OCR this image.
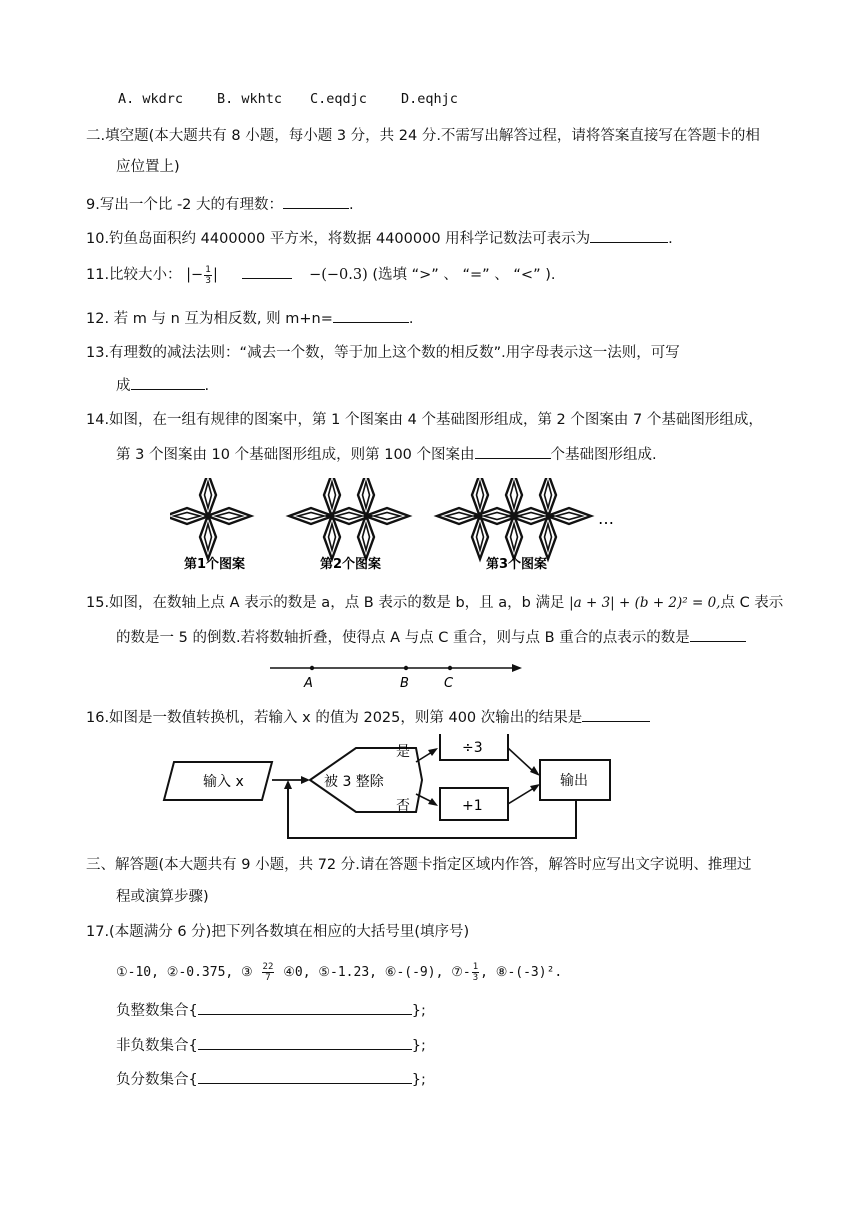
A. wkdrc	B. wkhtc C.eqdjc	D.eqhjc
二.填空题(本大题共有 8 小题，每小题 3 分，共 24 分.不需写出解答过程，请将答案直接写在答题卡的相
应位置上)
9.写出一个比 -2 大的有理数：	.
10.钓鱼岛面积约 4400000 平方米，将数据 4400000 用科学记数法可表示为	.
11.比较大小： |− $\frac{1}{3}$ |	−(−0.3) (选填 “>” 、 “=” 、 “<” ).
12. 若 m 与 n 互为相反数, 则 m+n=	.
13.有理数的减法法则：“减去一个数，等于加上这个数的相反数”.用字母表示这一法则，可写
成	.
14.如图，在一组有规律的图案中，第 1 个图案由 4 个基础图形组成，第 2 个图案由 7 个基础图形组成，
第 3 个图案由 10 个基础图形组成，则第 100 个图案由	个基础图形组成.
…
第1个图案	第2个图案	第3个图案
15.如图，在数轴上点 A 表示的数是 a，点 B 表示的数是 b，且 a，b 满足 |a + 3| + (b + 2)² = 0,点 C 表示
的数是一 5 的倒数.若将数轴折叠，使得点 A 与点 C 重合，则与点 B 重合的点表示的数是
A	B	C
16.如图是一数值转换机，若输入 x 的值为 2025，则第 400 次输出的结果是
输入 x	被 3 整除
是	÷3
否	+1
输出
三、解答题(本大题共有 9 小题，共 72 分.请在答题卡指定区域内作答，解答时应写出文字说明、推理过
程或演算步骤)
17.(本题满分 6 分)把下列各数填在相应的大括号里(填序号)
①-10, ②-0.375, ③ $\frac{22}{7}$ ④0, ⑤-1.23, ⑥-(-9), ⑦- $\frac{1}{3}$ , ⑧-(-3)².
负整数集合{	};
非负数集合{	};
负分数集合{	};
